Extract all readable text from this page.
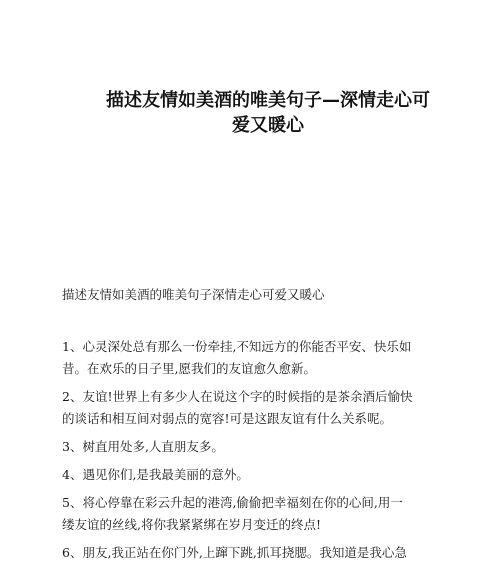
描述友情如美酒的唯美句子—深情走心可
爱又暖心
描述友情如美酒的唯美句子深情走心可爱又暖心

1、心灵深处总有那么一份牵挂,不知远方的你能否平安、快乐如
昔。在欢乐的日子里,愿我们的友谊愈久愈新。

2、友谊!世界上有多少人在说这个字的时候指的是茶余酒后愉快
的谈话和相互间对弱点的宽容!可是这跟友谊有什么关系呢。

3、树直用处多,人直朋友多。

4、遇见你们,是我最美丽的意外。

5、将心停靠在彩云升起的港湾,偷偷把幸福刻在你的心间,用一
缕友谊的丝线,将你我紧紧绑在岁月变迁的终点!

6、朋友,我正站在你门外,上蹿下跳,抓耳挠腮。我知道是我心急
